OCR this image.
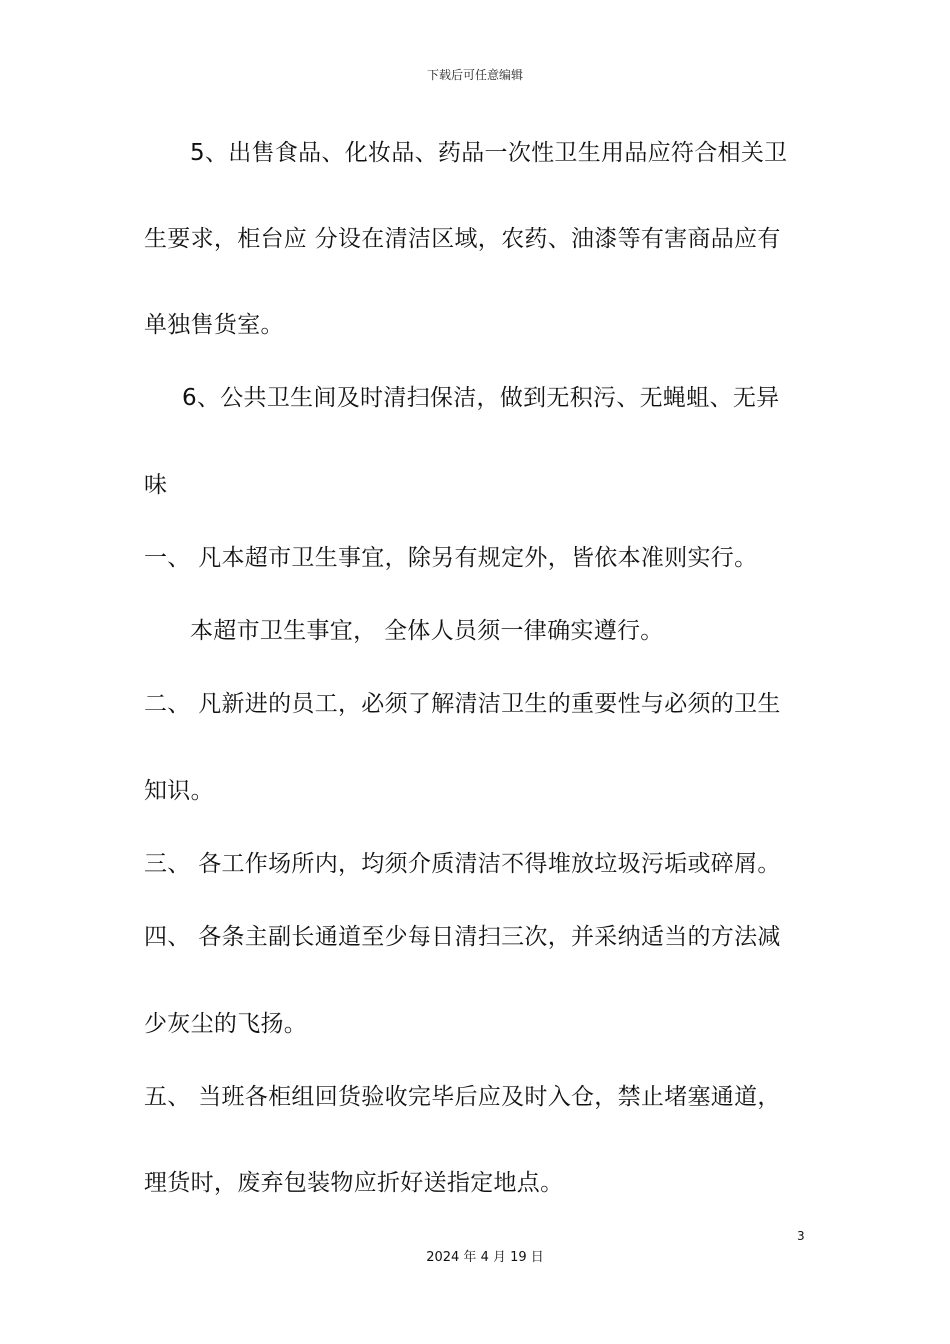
下载后可任意编辑
5、出售食品、化妆品、药品一次性卫生用品应符合相关卫
生要求，柜台应 分设在清洁区域，农药、油漆等有害商品应有
单独售货室。
6、公共卫生间及时清扫保洁，做到无积污、无蝇蛆、无异
味
一、 凡本超市卫生事宜，除另有规定外，皆依本准则实行。
本超市卫生事宜， 全体人员须一律确实遵行。
二、 凡新进的员工，必须了解清洁卫生的重要性与必须的卫生
知识。
三、 各工作场所内，均须介质清洁不得堆放垃圾污垢或碎屑。
四、 各条主副长通道至少每日清扫三次，并采纳适当的方法减
少灰尘的飞扬。
五、 当班各柜组回货验收完毕后应及时入仓，禁止堵塞通道，
理货时，废弃包装物应折好送指定地点。
3
2024 年 4 月 19 日
